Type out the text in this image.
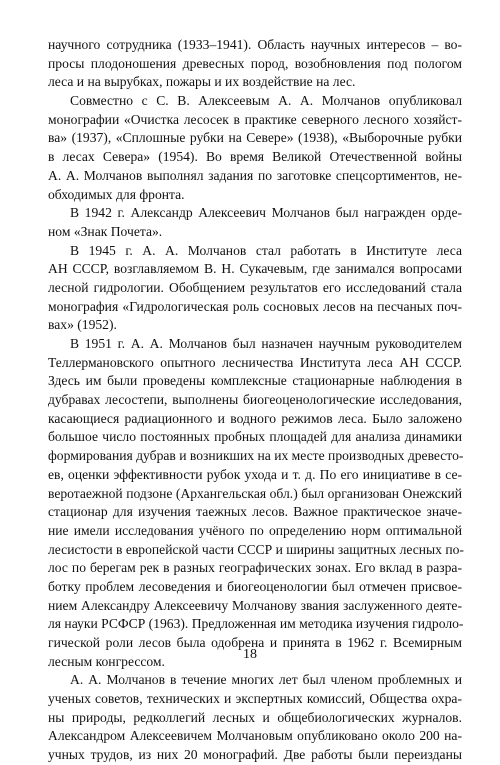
научного сотрудника (1933–1941). Область научных интересов – во-
просы плодоношения древесных пород, возобновления под пологом
леса и на вырубках, пожары и их воздействие на лес.
Совместно с С. В. Алексеевым А. А. Молчанов опубликовал
монографии «Очистка лесосек в практике северного лесного хозяйст-
ва» (1937), «Сплошные рубки на Севере» (1938), «Выборочные рубки
в лесах Севера» (1954). Во время Великой Отечественной войны
А. А. Молчанов выполнял задания по заготовке спецсортиментов, не-
обходимых для фронта.
В 1942 г. Александр Алексеевич Молчанов был награжден орде-
ном «Знак Почета».
В 1945 г. А. А. Молчанов стал работать в Институте леса
АН СССР, возглавляемом В. Н. Сукачевым, где занимался вопросами
лесной гидрологии. Обобщением результатов его исследований стала
монография «Гидрологическая роль сосновых лесов на песчаных поч-
вах» (1952).
В 1951 г. А. А. Молчанов был назначен научным руководителем
Теллермановского опытного лесничества Института леса АН СССР.
Здесь им были проведены комплексные стационарные наблюдения в
дубравах лесостепи, выполнены биогеоценологические исследования,
касающиеся радиационного и водного режимов леса. Было заложено
большое число постоянных пробных площадей для анализа динамики
формирования дубрав и возникших на их месте производных древесто-
ев, оценки эффективности рубок ухода и т. д. По его инициативе в се-
веротаежной подзоне (Архангельская обл.) был организован Онежский
стационар для изучения таежных лесов. Важное практическое значе-
ние имели исследования учёного по определению норм оптимальной
лесистости в европейской части СССР и ширины защитных лесных по-
лос по берегам рек в разных географических зонах. Его вклад в разра-
ботку проблем лесоведения и биогеоценологии был отмечен присвое-
нием Александру Алексеевичу Молчанову звания заслуженного деяте-
ля науки РСФСР (1963). Предложенная им методика изучения гидроло-
гической роли лесов была одобрена и принята в 1962 г. Всемирным
лесным конгрессом.
А. А. Молчанов в течение многих лет был членом проблемных и
ученых советов, технических и экспертных комиссий, Общества охра-
ны природы, редколлегий лесных и общебиологических журналов.
Александром Алексеевичем Молчановым опубликовано около 200 на-
учных трудов, из них 20 монографий. Две работы были переизданы
18
